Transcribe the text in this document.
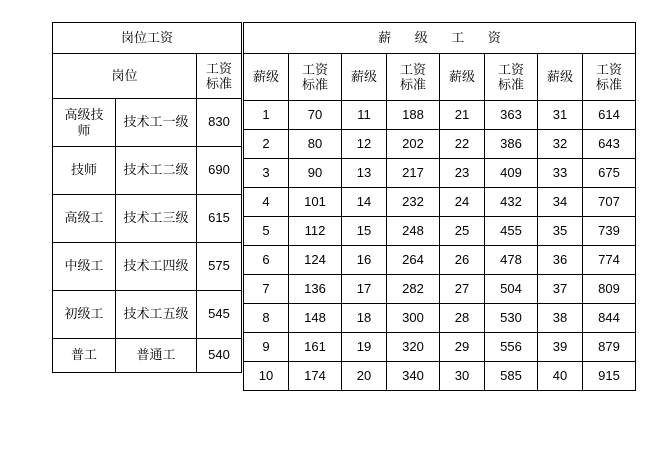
岗位工资		
岗位		工资
标准

高级技
师	技术工一级	830
技师	技术工二级	690
高级工	技术工三级	615
中级工	技术工四级	575
初级工	技术工五级	545
普工	普通工	540
薪 级 工 资							
薪级	工资
标准	薪级	工资
标准	薪级	工资
标准	薪级	工资
标准

1	70	11	188	21	363	31	614
2	80	12	202	22	386	32	643
3	90	13	217	23	409	33	675
4	101	14	232	24	432	34	707
5	112	15	248	25	455	35	739
6	124	16	264	26	478	36	774
7	136	17	282	27	504	37	809
8	148	18	300	28	530	38	844
9	161	19	320	29	556	39	879
10	174	20	340	30	585	40	915
